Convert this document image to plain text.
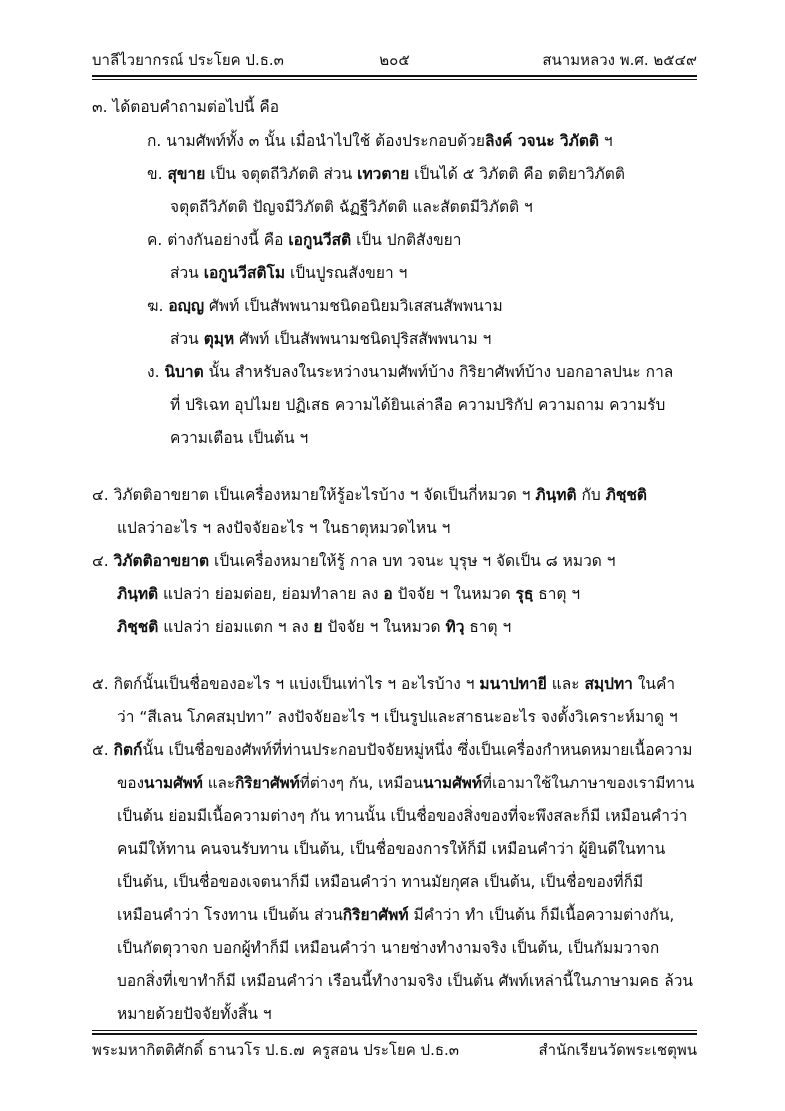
บาลีไวยากรณ์ ประโยค ป.ธ.๓	๒๐๕	สนามหลวง พ.ศ. ๒๕๔๙
๓. ได้ตอบคำถามต่อไปนี้ คือ
ก. นามศัพท์ทั้ง ๓ นั้น เมื่อนำไปใช้ ต้องประกอบด้วยลิงค์ วจนะ วิภัตติ ฯ
ข. สุขาย เป็น จตุตถีวิภัตติ ส่วน เทวตาย เป็นได้ ๕ วิภัตติ คือ ตติยาวิภัตติ
จตุตถีวิภัตติ ปัญจมีวิภัตติ ฉัฏฐีวิภัตติ และสัตตมีวิภัตติ ฯ
ค. ต่างกันอย่างนี้ คือ เอกูนวีสติ เป็น ปกติสังขยา
ส่วน เอกูนวีสติโม เป็นปูรณสังขยา ฯ
ฆ. อญฺญ ศัพท์ เป็นสัพพนามชนิดอนิยมวิเสสนสัพพนาม
ส่วน ตุมฺห ศัพท์ เป็นสัพพนามชนิดปุริสสัพพนาม ฯ
ง. นิบาต นั้น สำหรับลงในระหว่างนามศัพท์บ้าง กิริยาศัพท์บ้าง บอกอาลปนะ กาล
ที่ ปริเฉท อุปไมย ปฏิเสธ ความได้ยินเล่าลือ ความปริกัป ความถาม ความรับ
ความเตือน เป็นต้น ฯ
๔. วิภัตติอาขยาต เป็นเครื่องหมายให้รู้อะไรบ้าง ฯ จัดเป็นกี่หมวด ฯ ภินฺทติ กับ ภิชฺชติ
แปลว่าอะไร ฯ ลงปัจจัยอะไร ฯ ในธาตุหมวดไหน ฯ
๔. วิภัตติอาขยาต เป็นเครื่องหมายให้รู้ กาล บท วจนะ บุรุษ ฯ จัดเป็น ๘ หมวด ฯ
ภินฺทติ แปลว่า ย่อมต่อย, ย่อมทำลาย ลง อ ปัจจัย ฯ ในหมวด รุธฺ ธาตุ ฯ
ภิชฺชติ แปลว่า ย่อมแตก ฯ ลง ย ปัจจัย ฯ ในหมวด ทิวฺ ธาตุ ฯ
๕. กิตก์นั้นเป็นชื่อของอะไร ฯ แบ่งเป็นเท่าไร ฯ อะไรบ้าง ฯ มนาปทายี และ สมฺปทา ในคำ
ว่า “สีเลน โภคสมฺปทา” ลงปัจจัยอะไร ฯ เป็นรูปและสาธนะอะไร จงตั้งวิเคราะห์มาดู ฯ
๕. กิตก์นั้น เป็นชื่อของศัพท์ที่ท่านประกอบปัจจัยหมู่หนึ่ง ซึ่งเป็นเครื่องกำหนดหมายเนื้อความ
ของนามศัพท์ และกิริยาศัพท์ที่ต่างๆ กัน, เหมือนนามศัพท์ที่เอามาใช้ในภาษาของเรามีทาน
เป็นต้น ย่อมมีเนื้อความต่างๆ กัน ทานนั้น เป็นชื่อของสิ่งของที่จะพึงสละก็มี เหมือนคำว่า
คนมีให้ทาน คนจนรับทาน เป็นต้น, เป็นชื่อของการให้ก็มี เหมือนคำว่า ผู้ยินดีในทาน
เป็นต้น, เป็นชื่อของเจตนาก็มี เหมือนคำว่า ทานมัยกุศล เป็นต้น, เป็นชื่อของที่ก็มี
เหมือนคำว่า โรงทาน เป็นต้น ส่วนกิริยาศัพท์ มีคำว่า ทำ เป็นต้น ก็มีเนื้อความต่างกัน,
เป็นกัตตุวาจก บอกผู้ทำก็มี เหมือนคำว่า นายช่างทำงามจริง เป็นต้น, เป็นกัมมวาจก
บอกสิ่งที่เขาทำก็มี เหมือนคำว่า เรือนนี้ทำงามจริง เป็นต้น ศัพท์เหล่านี้ในภาษามคธ ล้วน
หมายด้วยปัจจัยทั้งสิ้น ฯ
พระมหากิตติศักดิ์ ธานวโร ป.ธ.๗ ครูสอน ประโยค ป.ธ.๓	สำนักเรียนวัดพระเชตุพน
